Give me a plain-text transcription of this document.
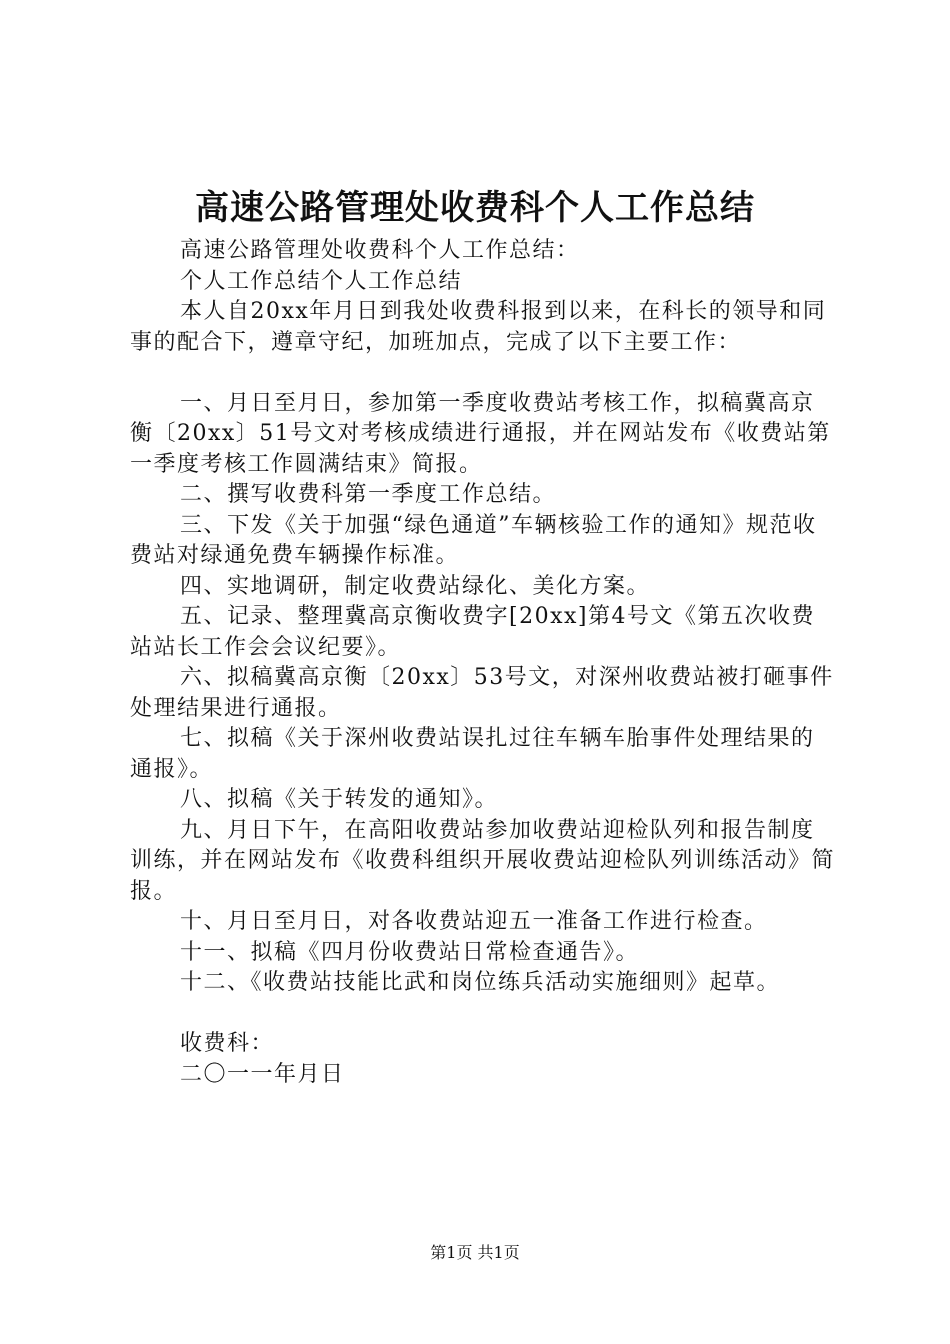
高速公路管理处收费科个人工作总结

高速公路管理处收费科个人工作总结：

个人工作总结个人工作总结

本人自20xx年月日到我处收费科报到以来，在科长的领导和同事的配合下，遵章守纪，加班加点，完成了以下主要工作：

一、月日至月日，参加第一季度收费站考核工作，拟稿冀高京衡〔20xx〕51号文对考核成绩进行通报，并在网站发布《收费站第一季度考核工作圆满结束》简报。

二、撰写收费科第一季度工作总结。

三、下发《关于加强“绿色通道”车辆核验工作的通知》规范收费站对绿通免费车辆操作标准。

四、实地调研，制定收费站绿化、美化方案。

五、记录、整理冀高京衡收费字[20xx]第4号文《第五次收费站站长工作会会议纪要》。

六、拟稿冀高京衡〔20xx〕53号文，对深州收费站被打砸事件处理结果进行通报。

七、拟稿《关于深州收费站误扎过往车辆车胎事件处理结果的通报》。

八、拟稿《关于转发的通知》。

九、月日下午，在高阳收费站参加收费站迎检队列和报告制度训练，并在网站发布《收费科组织开展收费站迎检队列训练活动》简报。

十、月日至月日，对各收费站迎五一准备工作进行检查。

十一、拟稿《四月份收费站日常检查通告》。

十二、《收费站技能比武和岗位练兵活动实施细则》起草。

收费科：

二〇一一年月日

第1页 共1页
